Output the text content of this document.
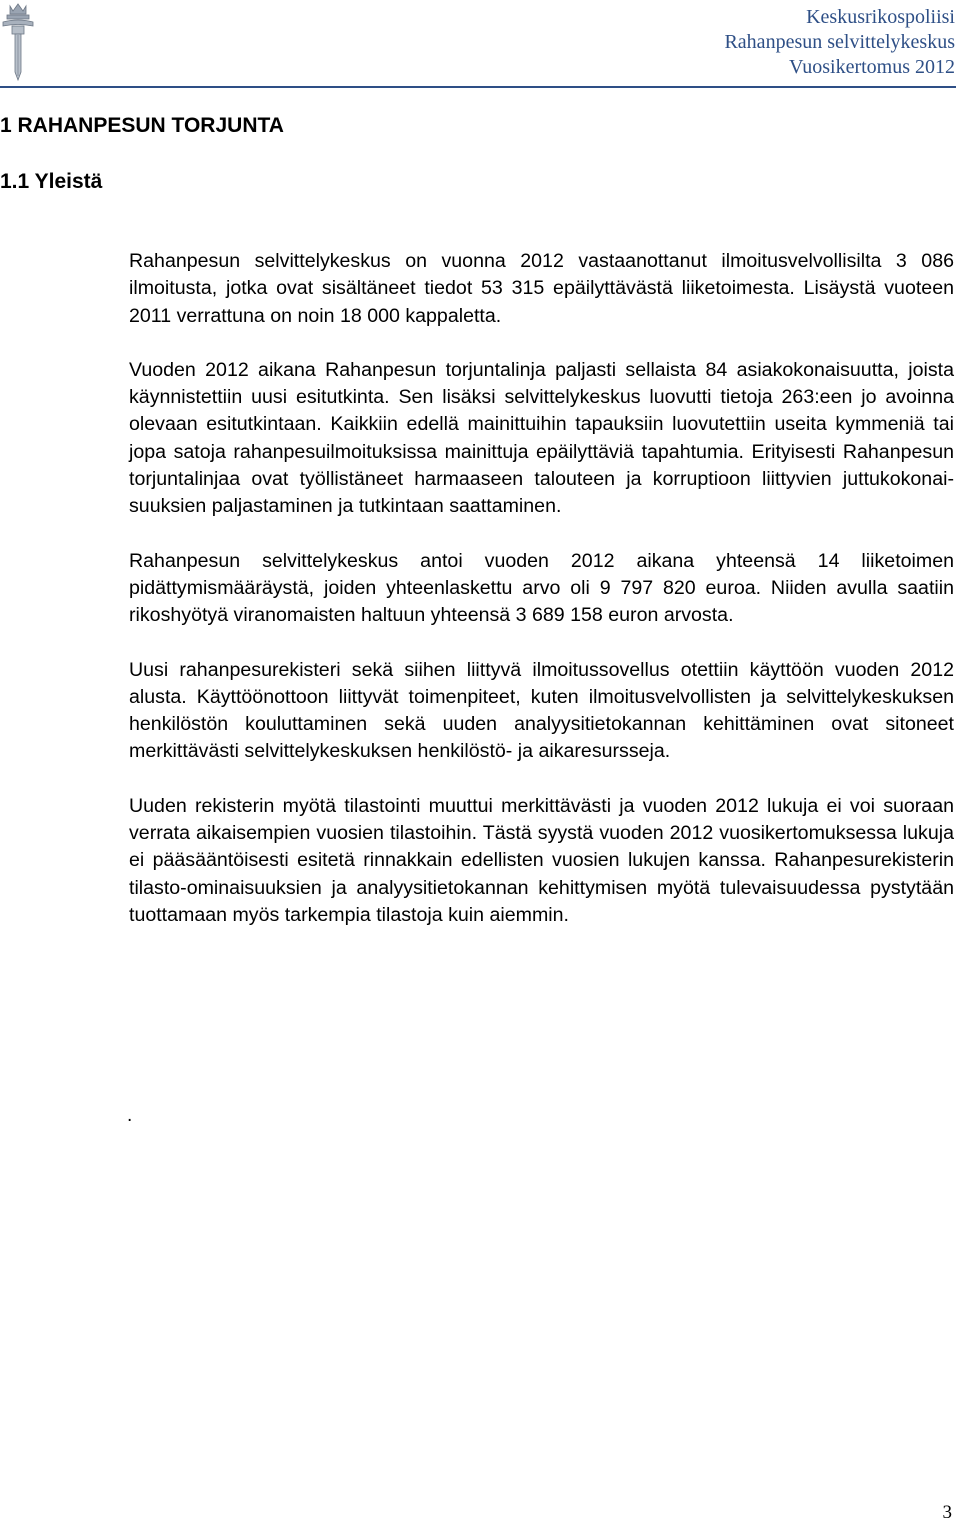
Keskusrikospoliisi
Rahanpesun selvittelykeskus
Vuosikertomus 2012
1 RAHANPESUN TORJUNTA
1.1 Yleistä

Rahanpesun selvittelykeskus on vuonna 2012 vastaanottanut ilmoitusvelvollisilta 3 086 ilmoitusta, jotka ovat sisältäneet tiedot 53 315 epäilyttävästä liiketoimesta. Lisäystä vuoteen 2011 verrattuna on noin 18 000 kappaletta.

Vuoden 2012 aikana Rahanpesun torjuntalinja paljasti sellaista 84 asiakokonaisuutta, joista käynnistettiin uusi esitutkinta. Sen lisäksi selvittelykeskus luovutti tietoja 263:een jo avoinna olevaan esitutkintaan. Kaikkiin edellä mainittuihin tapauksiin luovutettiin useita kymmeniä tai jopa satoja rahanpesuilmoituksissa mainittuja epäilyttäviä tapahtumia. Erityisesti Rahanpesun torjuntalinjaa ovat työllistäneet harmaaseen talouteen ja korruptioon liittyvien juttukokonaisuuksien paljastaminen ja tutkintaan saattaminen.

Rahanpesun selvittelykeskus antoi vuoden 2012 aikana yhteensä 14 liiketoimen pidättymismääräystä, joiden yhteenlaskettu arvo oli 9 797 820 euroa. Niiden avulla saatiin rikoshyötyä viranomaisten haltuun yhteensä 3 689 158 euron arvosta.

Uusi rahanpesurekisteri sekä siihen liittyvä ilmoitussovellus otettiin käyttöön vuoden 2012 alusta. Käyttöönottoon liittyvät toimenpiteet, kuten ilmoitusvelvollisten ja selvittelykeskuksen henkilöstön kouluttaminen sekä uuden analyysitietokannan kehittäminen ovat sitoneet merkittävästi selvittelykeskuksen henkilöstö- ja aikaresursseja.

Uuden rekisterin myötä tilastointi muuttui merkittävästi ja vuoden 2012 lukuja ei voi suoraan verrata aikaisempien vuosien tilastoihin. Tästä syystä vuoden 2012 vuosikertomuksessa lukuja ei pääsääntöisesti esitetä rinnakkain edellisten vuosien lukujen kanssa. Rahanpesurekisterin tilasto-ominaisuuksien ja analyysitietokannan kehittymisen myötä tulevaisuudessa pystytään tuottamaan myös tarkempia tilastoja kuin aiemmin.

.
3
